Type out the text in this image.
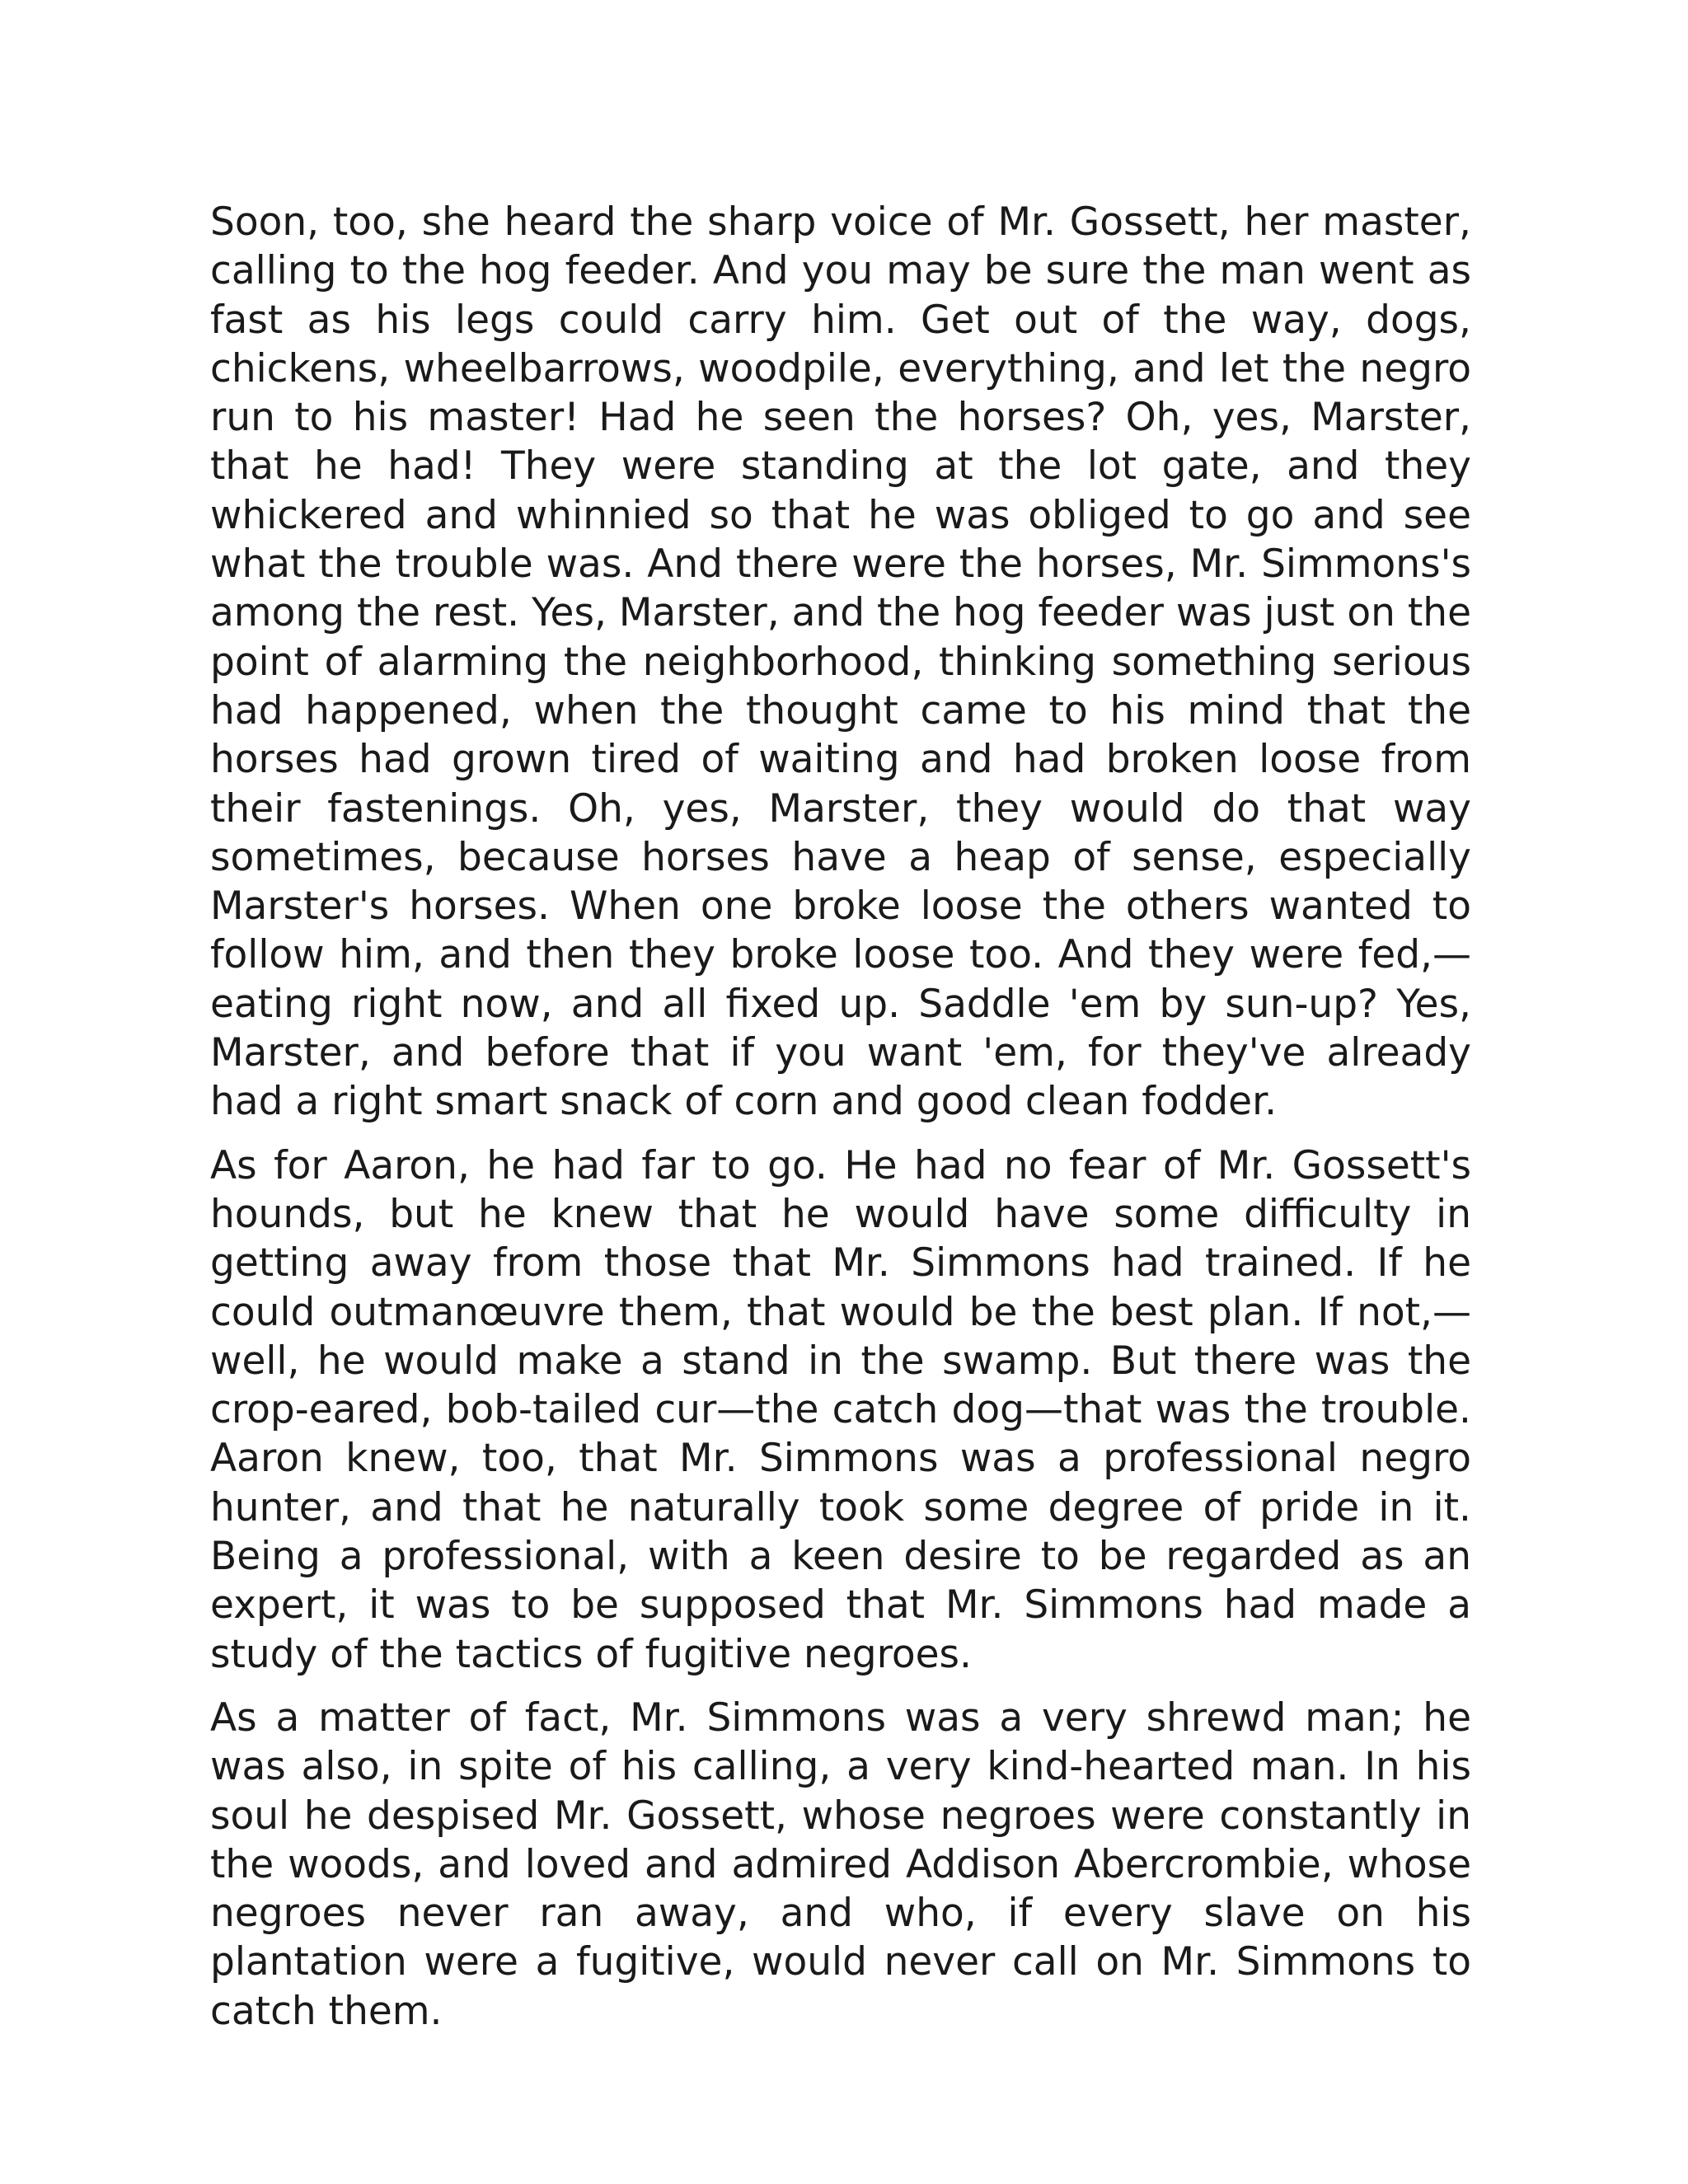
Soon, too, she heard the sharp voice of Mr. Gossett, her master, calling to the hog feeder. And you may be sure the man went as fast as his legs could carry him. Get out of the way, dogs, chickens, wheelbarrows, woodpile, everything, and let the negro run to his master! Had he seen the horses? Oh, yes, Marster, that he had! They were standing at the lot gate, and they whickered and whinnied so that he was obliged to go and see what the trouble was. And there were the horses, Mr. Simmons's among the rest. Yes, Marster, and the hog feeder was just on the point of alarming the neighborhood, thinking something serious had happened, when the thought came to his mind that the horses had grown tired of waiting and had broken loose from their fastenings. Oh, yes, Marster, they would do that way sometimes, because horses have a heap of sense, especially Marster's horses. When one broke loose the others wanted to follow him, and then they broke loose too. And they were fed,—eating right now, and all fixed up. Saddle 'em by sun-up? Yes, Marster, and before that if you want 'em, for they've already had a right smart snack of corn and good clean fodder.

As for Aaron, he had far to go. He had no fear of Mr. Gossett's hounds, but he knew that he would have some difficulty in getting away from those that Mr. Simmons had trained. If he could outmanœuvre them, that would be the best plan. If not,—well, he would make a stand in the swamp. But there was the crop-eared, bob-tailed cur—the catch dog—that was the trouble. Aaron knew, too, that Mr. Simmons was a professional negro hunter, and that he naturally took some degree of pride in it. Being a professional, with a keen desire to be regarded as an expert, it was to be supposed that Mr. Simmons had made a study of the tactics of fugitive negroes.

As a matter of fact, Mr. Simmons was a very shrewd man; he was also, in spite of his calling, a very kind-hearted man. In his soul he despised Mr. Gossett, whose negroes were constantly in the woods, and loved and admired Addison Abercrombie, whose negroes never ran away, and who, if every slave on his plantation were a fugitive, would never call on Mr. Simmons to catch them.
